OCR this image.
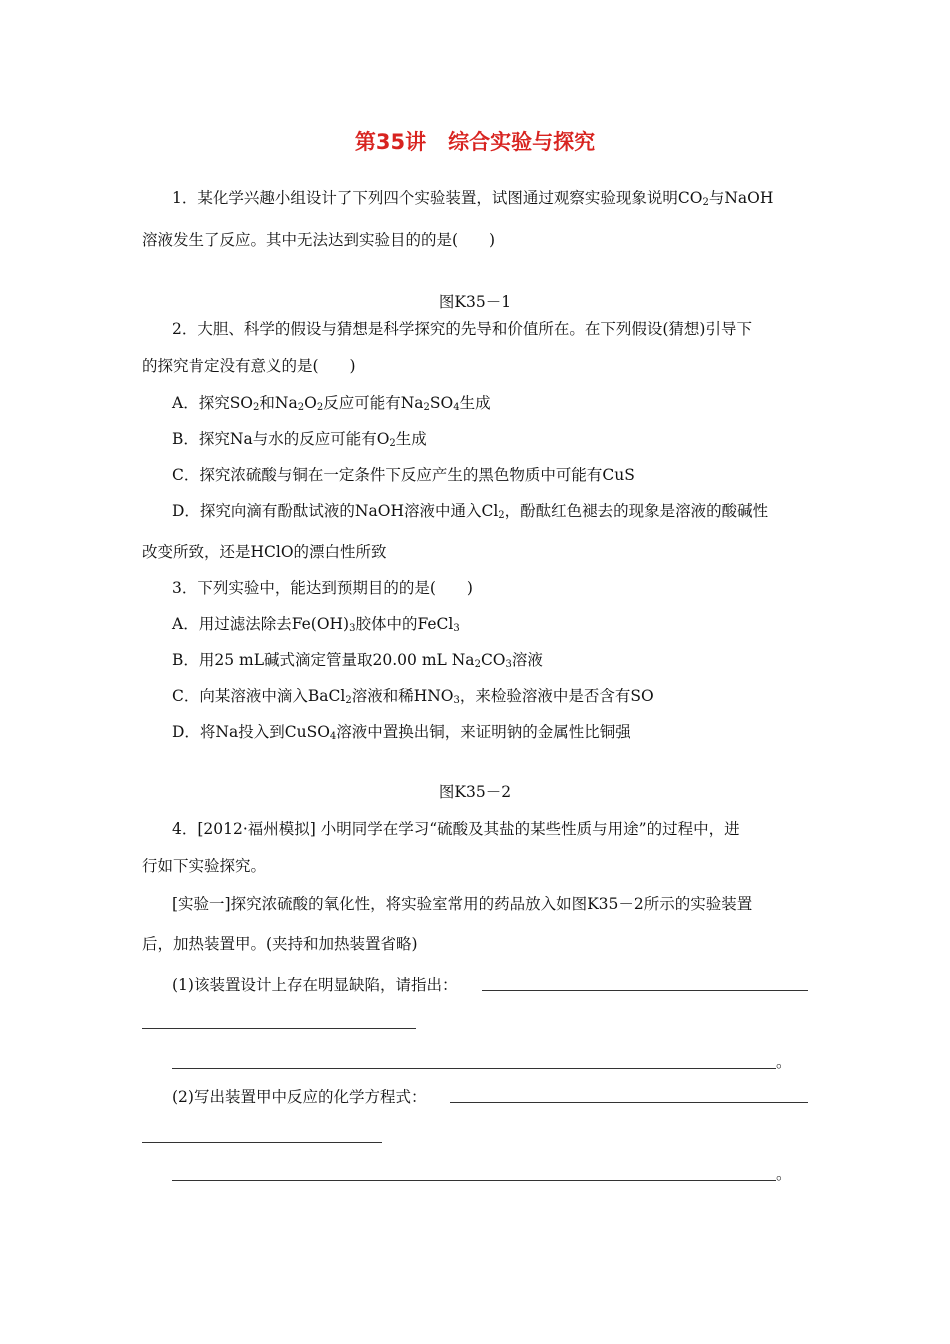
第35讲 综合实验与探究
1．某化学兴趣小组设计了下列四个实验装置，试图通过观察实验现象说明$CO_2$与NaOH
溶液发生了反应。其中无法达到实验目的的是(　　)
图K35－1
2．大胆、科学的假设与猜想是科学探究的先导和价值所在。在下列假设(猜想)引导下
的探究肯定没有意义的是(　　)
A．探究$SO_2$和$Na_2O_2$反应可能有$Na_2SO_4$生成
B．探究Na与水的反应可能有$O_2$生成
C．探究浓硫酸与铜在一定条件下反应产生的黑色物质中可能有CuS
D．探究向滴有酚酞试液的NaOH溶液中通入$Cl_2$，酚酞红色褪去的现象是溶液的酸碱性
改变所致，还是HClO的漂白性所致
3．下列实验中，能达到预期目的的是(　　)
A．用过滤法除去$Fe(OH)_3$胶体中的FeCl$_3$
B．用25 mL碱式滴定管量取20.00 mL $Na_2CO_3$溶液
C．向某溶液中滴入BaCl$_2$溶液和稀$HNO_3$，来检验溶液中是否含有SO
D．将Na投入到CuSO$_4$溶液中置换出铜，来证明钠的金属性比铜强
图K35－2
4．[2012·福州模拟] 小明同学在学习“硫酸及其盐的某些性质与用途”的过程中，进
行如下实验探究。
[实验一]探究浓硫酸的氧化性，将实验室常用的药品放入如图K35－2所示的实验装置
后，加热装置甲。(夹持和加热装置省略)
(1)该装置设计上存在明显缺陷，请指出：
。
(2)写出装置甲中反应的化学方程式：
。
